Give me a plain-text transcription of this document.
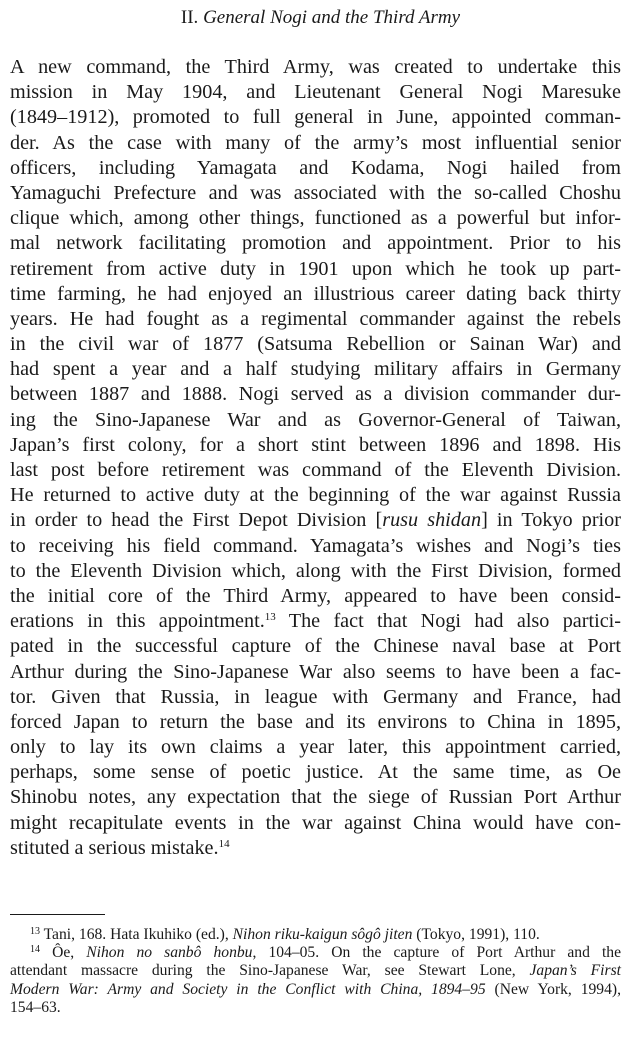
II. General Nogi and the Third Army
A new command, the Third Army, was created to undertake this
mission in May 1904, and Lieutenant General Nogi Maresuke
(1849–1912), promoted to full general in June, appointed comman-
der. As the case with many of the army’s most influential senior
officers, including Yamagata and Kodama, Nogi hailed from
Yamaguchi Prefecture and was associated with the so-called Choshu
clique which, among other things, functioned as a powerful but infor-
mal network facilitating promotion and appointment. Prior to his
retirement from active duty in 1901 upon which he took up part-
time farming, he had enjoyed an illustrious career dating back thirty
years. He had fought as a regimental commander against the rebels
in the civil war of 1877 (Satsuma Rebellion or Sainan War) and
had spent a year and a half studying military affairs in Germany
between 1887 and 1888. Nogi served as a division commander dur-
ing the Sino-Japanese War and as Governor-General of Taiwan,
Japan’s first colony, for a short stint between 1896 and 1898. His
last post before retirement was command of the Eleventh Division.
He returned to active duty at the beginning of the war against Russia
in order to head the First Depot Division [rusu shidan] in Tokyo prior
to receiving his field command. Yamagata’s wishes and Nogi’s ties
to the Eleventh Division which, along with the First Division, formed
the initial core of the Third Army, appeared to have been consid-
erations in this appointment.$^{13}$ The fact that Nogi had also partici-
pated in the successful capture of the Chinese naval base at Port
Arthur during the Sino-Japanese War also seems to have been a fac-
tor. Given that Russia, in league with Germany and France, had
forced Japan to return the base and its environs to China in 1895,
only to lay its own claims a year later, this appointment carried,
perhaps, some sense of poetic justice. At the same time, as Oe
Shinobu notes, any expectation that the siege of Russian Port Arthur
might recapitulate events in the war against China would have con-
stituted a serious mistake.$^{14}$
$^{13}$ Tani, 168. Hata Ikuhiko (ed.), Nihon riku-kaigun sôgô jiten (Tokyo, 1991), 110.
$^{14}$ Ôe, Nihon no sanbô honbu, 104–05. On the capture of Port Arthur and the
attendant massacre during the Sino-Japanese War, see Stewart Lone, Japan’s First
Modern War: Army and Society in the Conflict with China, 1894–95 (New York, 1994),
154–63.
